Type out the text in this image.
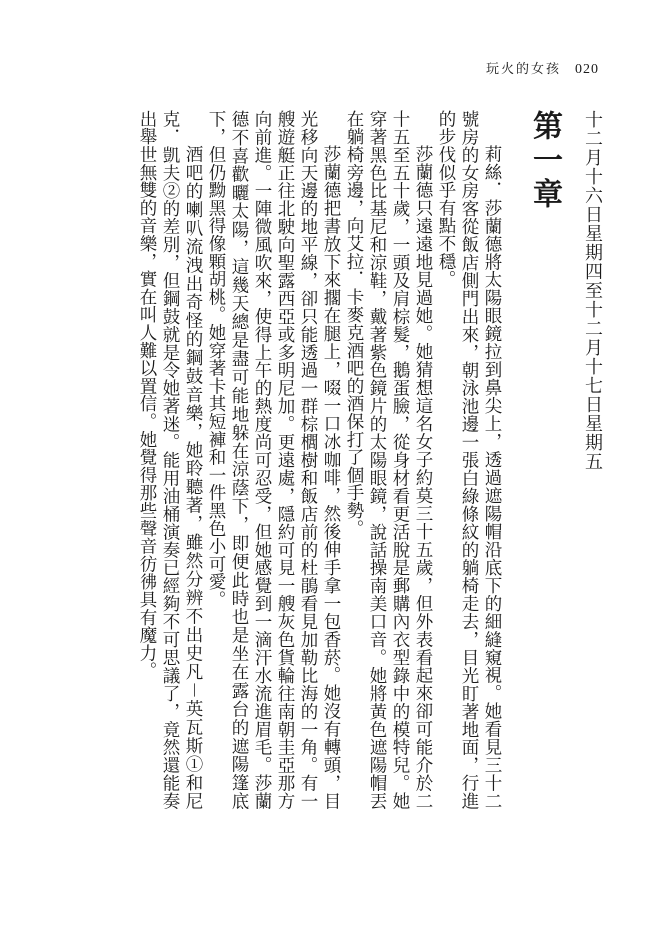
玩火的女孩 020
第一章 十二月十六日星期四至十二月十七日星期五

莉絲．莎蘭德將太陽眼鏡拉到鼻尖上，透過遮陽帽沿底下的細縫窺視。她看見三十二號房的女房客從飯店側門出來，朝泳池邊一張白綠條紋的躺椅走去，目光盯著地面，行進的步伐似乎有點不穩。

莎蘭德只遠遠地見過她。她猜想這名女子約莫三十五歲，但外表看起來卻可能介於二十五至五十歲，一頭及肩棕髮，鵝蛋臉，從身材看更活脫是郵購內衣型錄中的模特兒。她穿著黑色比基尼和涼鞋，戴著紫色鏡片的太陽眼鏡，說話操南美口音。她將黃色遮陽帽丟在躺椅旁邊，向艾拉．卡麥克酒吧的酒保打了個手勢。

莎蘭德把書放下來擱在腿上，啜一口冰咖啡，然後伸手拿一包香菸。她沒有轉頭，目光移向天邊的地平線，卻只能透過一群棕櫚樹和飯店前的杜鵑看見加勒比海的一角。有一艘遊艇正往北駛向聖露西亞或多明尼加。更遠處，隱約可見一艘灰色貨輪往南朝圭亞那方向前進。一陣微風吹來，使得上午的熱度尚可忍受，但她感覺到一滴汗水流進眉毛。莎蘭德不喜歡曬太陽，這幾天總是盡可能地躲在涼蔭下，即便此時也是坐在露台的遮陽篷底下，但仍黝黑得像顆胡桃。她穿著卡其短褲和一件黑色小可愛。

酒吧的喇叭流洩出奇怪的鋼鼓音樂，她聆聽著，雖然分辨不出史凡－英瓦斯①和尼克．凱夫②的差別，但鋼鼓就是令她著迷。能用油桶演奏已經夠不可思議了，竟然還能奏出舉世無雙的音樂，實在叫人難以置信。她覺得那些聲音彷彿具有魔力。
